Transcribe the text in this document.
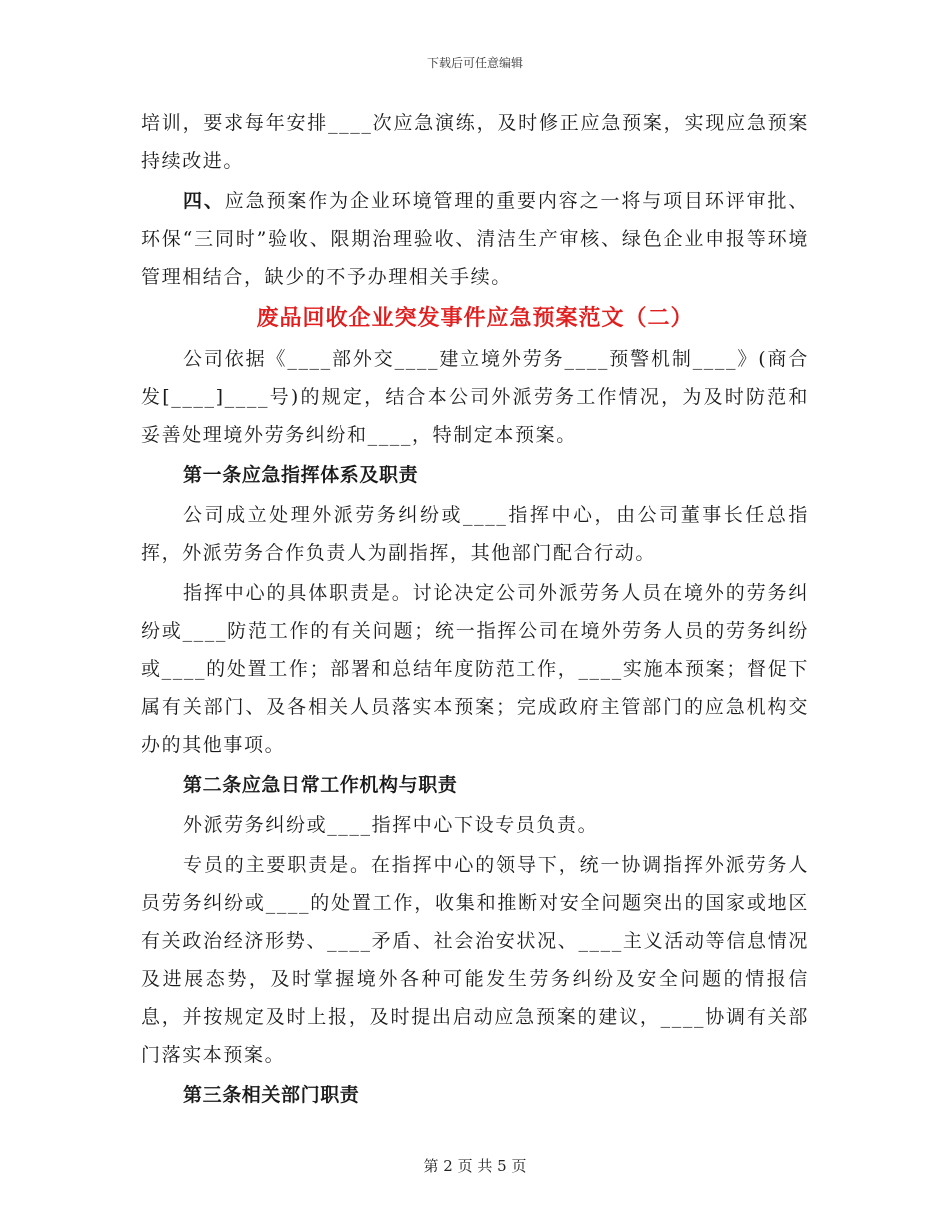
下载后可任意编辑

培训，要求每年安排____次应急演练，及时修正应急预案，实现应急预案持续改进。

四、应急预案作为企业环境管理的重要内容之一将与项目环评审批、环保“三同时”验收、限期治理验收、清洁生产审核、绿色企业申报等环境管理相结合，缺少的不予办理相关手续。

废品回收企业突发事件应急预案范文（二）

公司依据《____部外交____建立境外劳务____预警机制____》(商合发[____]____号)的规定，结合本公司外派劳务工作情况，为及时防范和妥善处理境外劳务纠纷和____，特制定本预案。

第一条应急指挥体系及职责

公司成立处理外派劳务纠纷或____指挥中心，由公司董事长任总指挥，外派劳务合作负责人为副指挥，其他部门配合行动。

指挥中心的具体职责是。讨论决定公司外派劳务人员在境外的劳务纠纷或____防范工作的有关问题；统一指挥公司在境外劳务人员的劳务纠纷或____的处置工作；部署和总结年度防范工作，____实施本预案；督促下属有关部门、及各相关人员落实本预案；完成政府主管部门的应急机构交办的其他事项。

第二条应急日常工作机构与职责

外派劳务纠纷或____指挥中心下设专员负责。

专员的主要职责是。在指挥中心的领导下，统一协调指挥外派劳务人员劳务纠纷或____的处置工作，收集和推断对安全问题突出的国家或地区有关政治经济形势、____矛盾、社会治安状况、____主义活动等信息情况及进展态势，及时掌握境外各种可能发生劳务纠纷及安全问题的情报信息，并按规定及时上报，及时提出启动应急预案的建议，____协调有关部门落实本预案。

第三条相关部门职责
第 2 页 共 5 页
